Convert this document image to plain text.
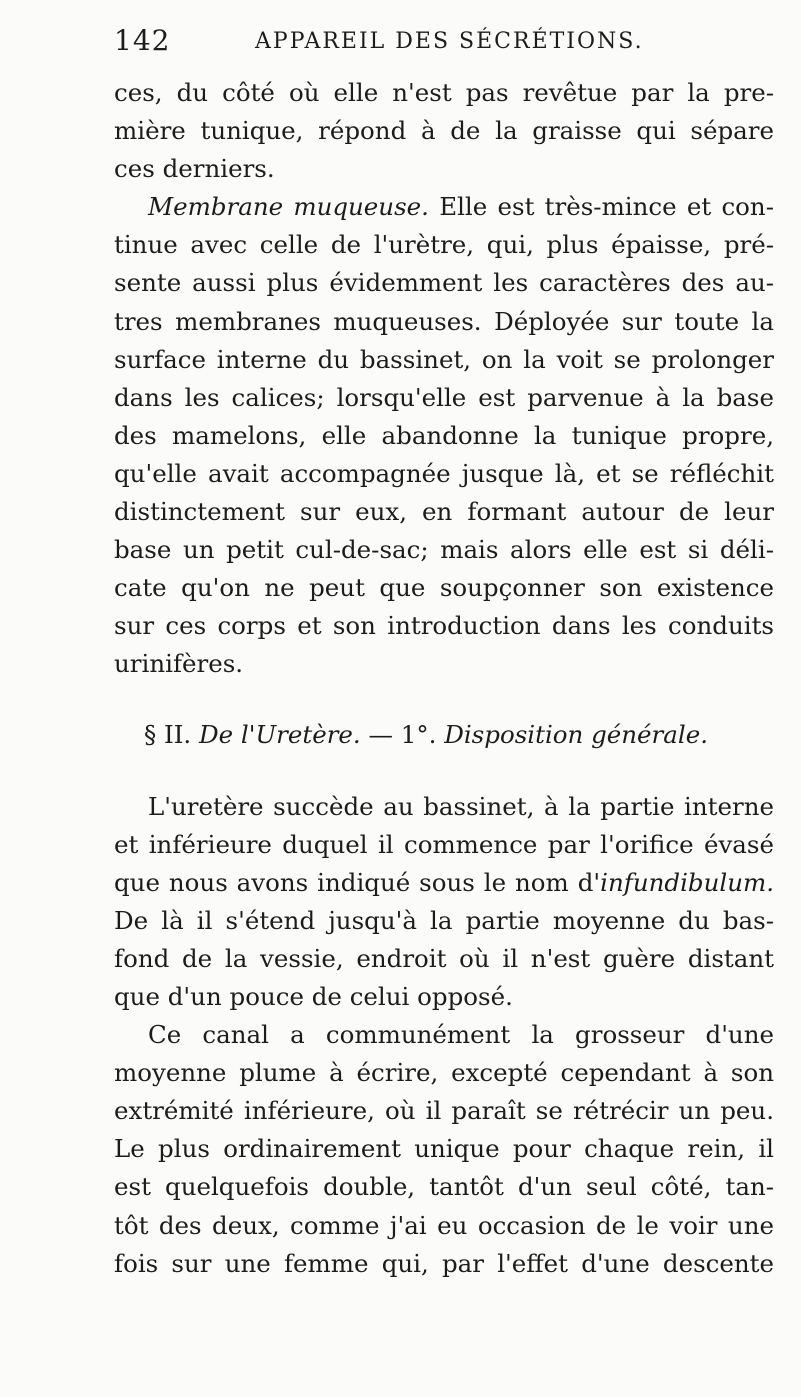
142	APPAREIL DES SÉCRÉTIONS.
ces, du côté où elle n'est pas revêtue par la pre-
mière tunique, répond à de la graisse qui sépare
ces derniers.
Membrane muqueuse. Elle est très-mince et con-
tinue avec celle de l'urètre, qui, plus épaisse, pré-
sente aussi plus évidemment les caractères des au-
tres membranes muqueuses. Déployée sur toute la
surface interne du bassinet, on la voit se prolonger
dans les calices; lorsqu'elle est parvenue à la base
des mamelons, elle abandonne la tunique propre,
qu'elle avait accompagnée jusque là, et se réfléchit
distinctement sur eux, en formant autour de leur
base un petit cul-de-sac; mais alors elle est si déli-
cate qu'on ne peut que soupçonner son existence
sur ces corps et son introduction dans les conduits
urinifères.
§ II. De l'Uretère. — 1°. Disposition générale.
L'uretère succède au bassinet, à la partie interne
et inférieure duquel il commence par l'orifice évasé
que nous avons indiqué sous le nom d'infundibulum.
De là il s'étend jusqu'à la partie moyenne du bas-
fond de la vessie, endroit où il n'est guère distant
que d'un pouce de celui opposé.
Ce canal a communément la grosseur d'une
moyenne plume à écrire, excepté cependant à son
extrémité inférieure, où il paraît se rétrécir un peu.
Le plus ordinairement unique pour chaque rein, il
est quelquefois double, tantôt d'un seul côté, tan-
tôt des deux, comme j'ai eu occasion de le voir une
fois sur une femme qui, par l'effet d'une descente
